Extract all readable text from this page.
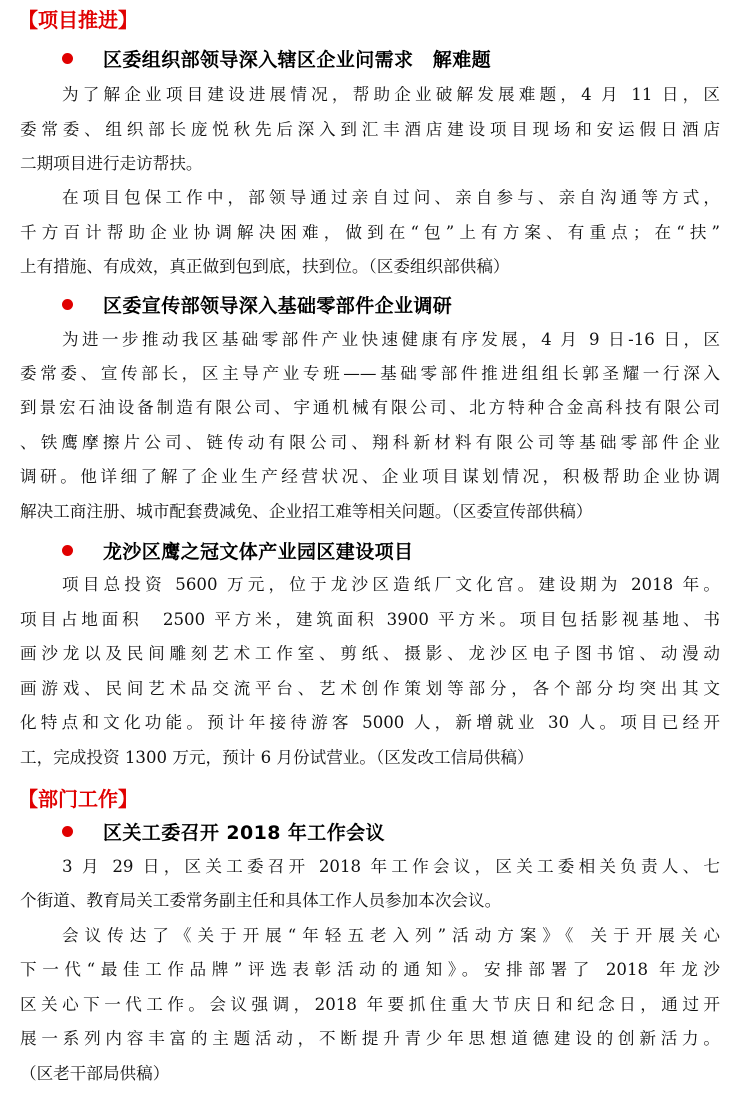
【项目推进】
区委组织部领导深入辖区企业问需求　解难题
为了解企业项目建设进展情况，帮助企业破解发展难题，4 月 11 日，区
委常委、组织部长庞悦秋先后深入到汇丰酒店建设项目现场和安运假日酒店
二期项目进行走访帮扶。
在项目包保工作中，部领导通过亲自过问、亲自参与、亲自沟通等方式，
千方百计帮助企业协调解决困难，做到在“包”上有方案、有重点；在“扶”
上有措施、有成效，真正做到包到底，扶到位。（区委组织部供稿）
区委宣传部领导深入基础零部件企业调研
为进一步推动我区基础零部件产业快速健康有序发展，4 月 9 日-16 日，区
委常委、宣传部长，区主导产业专班——基础零部件推进组组长郭圣耀一行深入
到景宏石油设备制造有限公司、宇通机械有限公司、北方特种合金高科技有限公司
、铁鹰摩擦片公司、链传动有限公司、翔科新材料有限公司等基础零部件企业
调研。他详细了解了企业生产经营状况、企业项目谋划情况，积极帮助企业协调
解决工商注册、城市配套费减免、企业招工难等相关问题。（区委宣传部供稿）
龙沙区鹰之冠文体产业园区建设项目
项目总投资 5600 万元，位于龙沙区造纸厂文化宫。建设期为 2018 年。
项目占地面积　2500 平方米，建筑面积 3900 平方米。项目包括影视基地、书
画沙龙以及民间雕刻艺术工作室、剪纸、摄影、龙沙区电子图书馆、动漫动
画游戏、民间艺术品交流平台、艺术创作策划等部分，各个部分均突出其文
化特点和文化功能。预计年接待游客 5000 人，新增就业 30 人。项目已经开
工，完成投资 1300 万元，预计 6 月份试营业。（区发改工信局供稿）
【部门工作】
区关工委召开 2018 年工作会议
3 月 29 日，区关工委召开 2018 年工作会议，区关工委相关负责人、七
个街道、教育局关工委常务副主任和具体工作人员参加本次会议。
会议传达了《关于开展“年轻五老入列”活动方案》《 关于开展关心
下一代“最佳工作品牌”评选表彰活动的通知》。安排部署了 2018 年龙沙
区关心下一代工作。会议强调，2018 年要抓住重大节庆日和纪念日，通过开
展一系列内容丰富的主题活动，不断提升青少年思想道德建设的创新活力。
（区老干部局供稿）
